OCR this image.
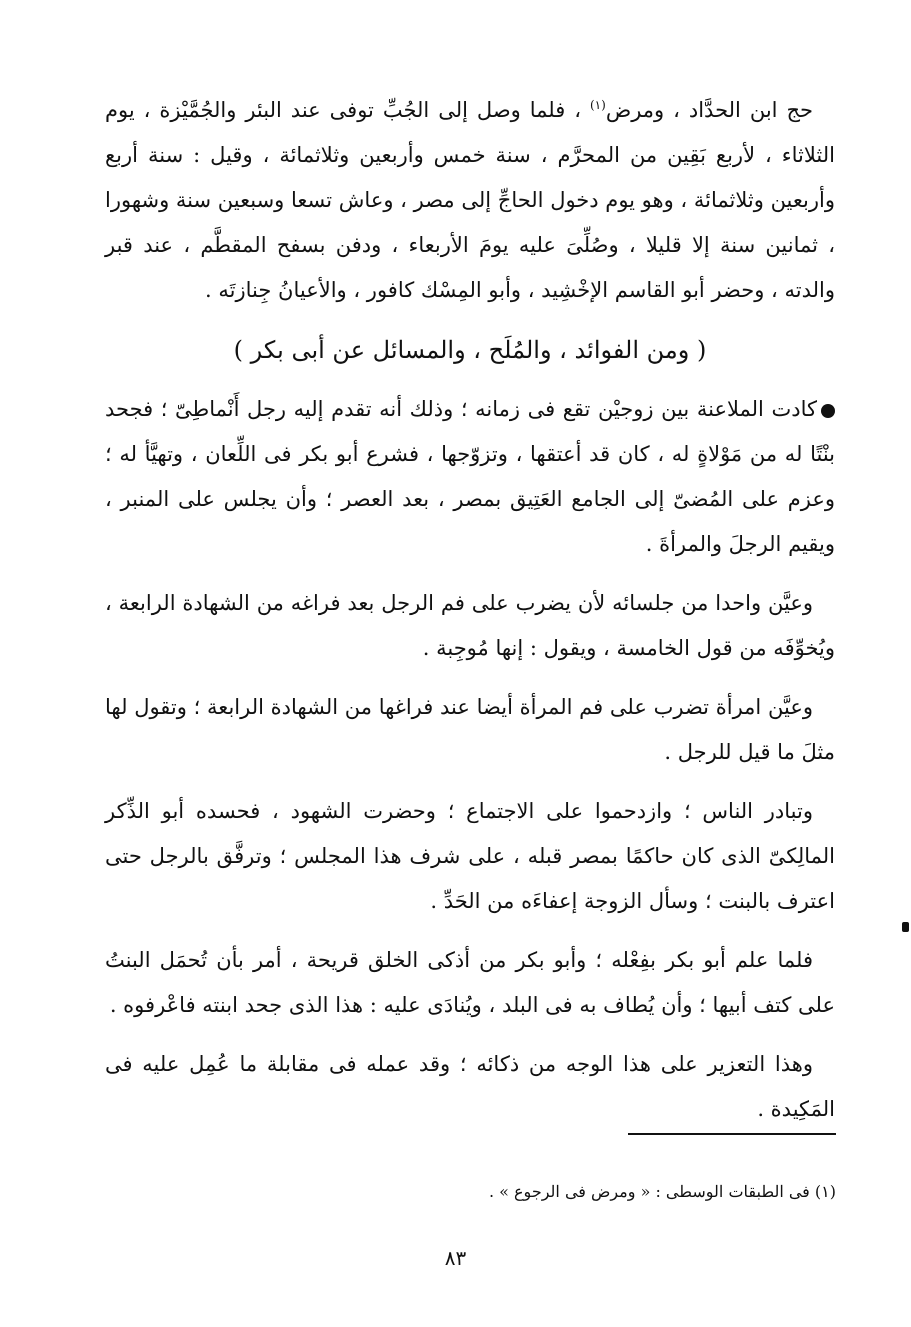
حج ابن الحدَّاد ، ومرض$^{(١)}$ ، فلما وصل إلى الجُبِّ توفى عند البئر والجُمَّيْزة ، يوم الثلاثاء ، لأربع بَقِين من المحرَّم ، سنة خمس وأربعين وثلاثمائة ، وقيل : سنة أربع وأربعين وثلاثمائة ، وهو يوم دخول الحاجِّ إلى مصر ، وعاش تسعا وسبعين سنة وشهورا ، ثمانين سنة إلا قليلا ، وصُلِّىَ عليه يومَ الأربعاء ، ودفن بسفح المقطَّم ، عند قبر والدته ، وحضر أبو القاسم الإخْشِيد ، وأبو المِسْك كافور ، والأعيانُ جِنازتَه .

( ومن الفوائد ، والمُلَح ، والمسائل عن أبى بكر )

كادت الملاعنة بين زوجيْن تقع فى زمانه ؛ وذلك أنه تقدم إليه رجل أَنْماطِىّ ؛ فجحد بنْتًا له من مَوْلاةٍ له ، كان قد أعتقها ، وتزوّجها ، فشرع أبو بكر فى اللِّعان ، وتهيَّأ له ؛ وعزم على المُضىّ إلى الجامع العَتِيق بمصر ، بعد العصر ؛ وأن يجلس على المنبر ، ويقيم الرجلَ والمرأةَ .

وعيَّن واحدا من جلسائه لأن يضرب على فم الرجل بعد فراغه من الشهادة الرابعة ، ويُخوِّفَه من قول الخامسة ، ويقول : إنها مُوجِبة .

وعيَّن امرأة تضرب على فم المرأة أيضا عند فراغها من الشهادة الرابعة ؛ وتقول لها مثلَ ما قيل للرجل .

وتبادر الناس ؛ وازدحموا على الاجتماع ؛ وحضرت الشهود ، فحسده أبو الذِّكر المالِكىّ الذى كان حاكمًا بمصر قبله ، على شرف هذا المجلس ؛ وترفَّق بالرجل حتى اعترف بالبنت ؛ وسأل الزوجة إعفاءَه من الحَدِّ .

فلما علم أبو بكر بفِعْله ؛ وأبو بكر من أذكى الخلق قريحة ، أمر بأن تُحمَل البنتُ على كتف أبيها ؛ وأن يُطاف به فى البلد ، ويُنادَى عليه : هذا الذى جحد ابنته فاعْرفوه .

وهذا التعزير على هذا الوجه من ذكائه ؛ وقد عمله فى مقابلة ما عُمِل عليه فى المَكِيدة .

(١) فى الطبقات الوسطى : « ومرض فى الرجوع » .
٨٣
